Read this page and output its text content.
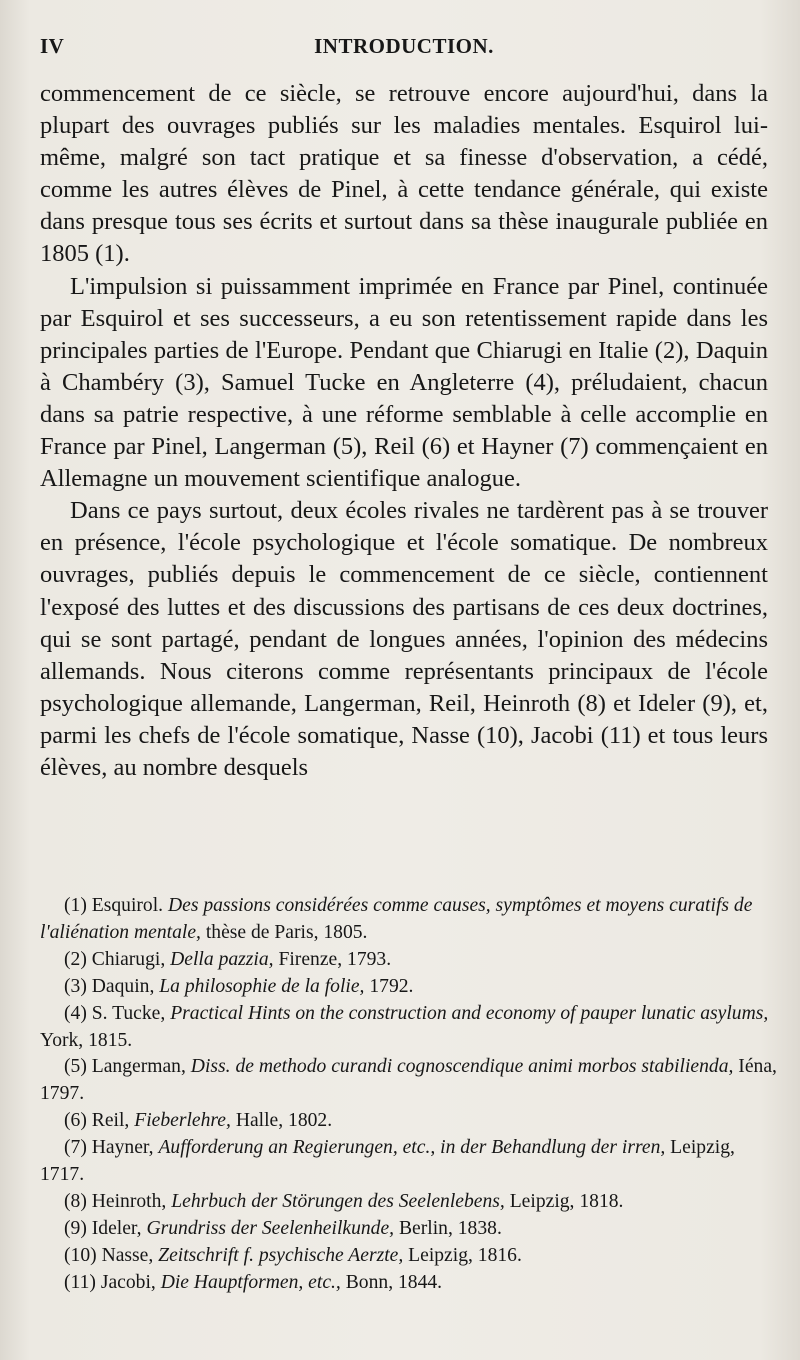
IV	INTRODUCTION.

commencement de ce siècle, se retrouve encore aujourd'hui, dans la plupart des ouvrages publiés sur les maladies mentales. Esquirol lui-même, malgré son tact pratique et sa finesse d'observation, a cédé, comme les autres élèves de Pinel, à cette tendance générale, qui existe dans presque tous ses écrits et surtout dans sa thèse inaugurale publiée en 1805 (1).

L'impulsion si puissamment imprimée en France par Pinel, continuée par Esquirol et ses successeurs, a eu son retentissement rapide dans les principales parties de l'Europe. Pendant que Chiarugi en Italie (2), Daquin à Chambéry (3), Samuel Tucke en Angleterre (4), préludaient, chacun dans sa patrie respective, à une réforme semblable à celle accomplie en France par Pinel, Langerman (5), Reil (6) et Hayner (7) commençaient en Allemagne un mouvement scientifique analogue.

Dans ce pays surtout, deux écoles rivales ne tardèrent pas à se trouver en présence, l'école psychologique et l'école somatique. De nombreux ouvrages, publiés depuis le commencement de ce siècle, contiennent l'exposé des luttes et des discussions des partisans de ces deux doctrines, qui se sont partagé, pendant de longues années, l'opinion des médecins allemands. Nous citerons comme représentants principaux de l'école psychologique allemande, Langerman, Reil, Heinroth (8) et Ideler (9), et, parmi les chefs de l'école somatique, Nasse (10), Jacobi (11) et tous leurs élèves, au nombre desquels

(1) Esquirol. Des passions considérées comme causes, symptômes et moyens curatifs de l'aliénation mentale, thèse de Paris, 1805.

(2) Chiarugi, Della pazzia, Firenze, 1793.

(3) Daquin, La philosophie de la folie, 1792.

(4) S. Tucke, Practical Hints on the construction and economy of pauper lunatic asylums, York, 1815.

(5) Langerman, Diss. de methodo curandi cognoscendique animi morbos stabilienda, Iéna, 1797.

(6) Reil, Fieberlehre, Halle, 1802.

(7) Hayner, Aufforderung an Regierungen, etc., in der Behandlung der irren, Leipzig, 1717.

(8) Heinroth, Lehrbuch der Störungen des Seelenlebens, Leipzig, 1818.

(9) Ideler, Grundriss der Seelenheilkunde, Berlin, 1838.

(10) Nasse, Zeitschrift f. psychische Aerzte, Leipzig, 1816.

(11) Jacobi, Die Hauptformen, etc., Bonn, 1844.
